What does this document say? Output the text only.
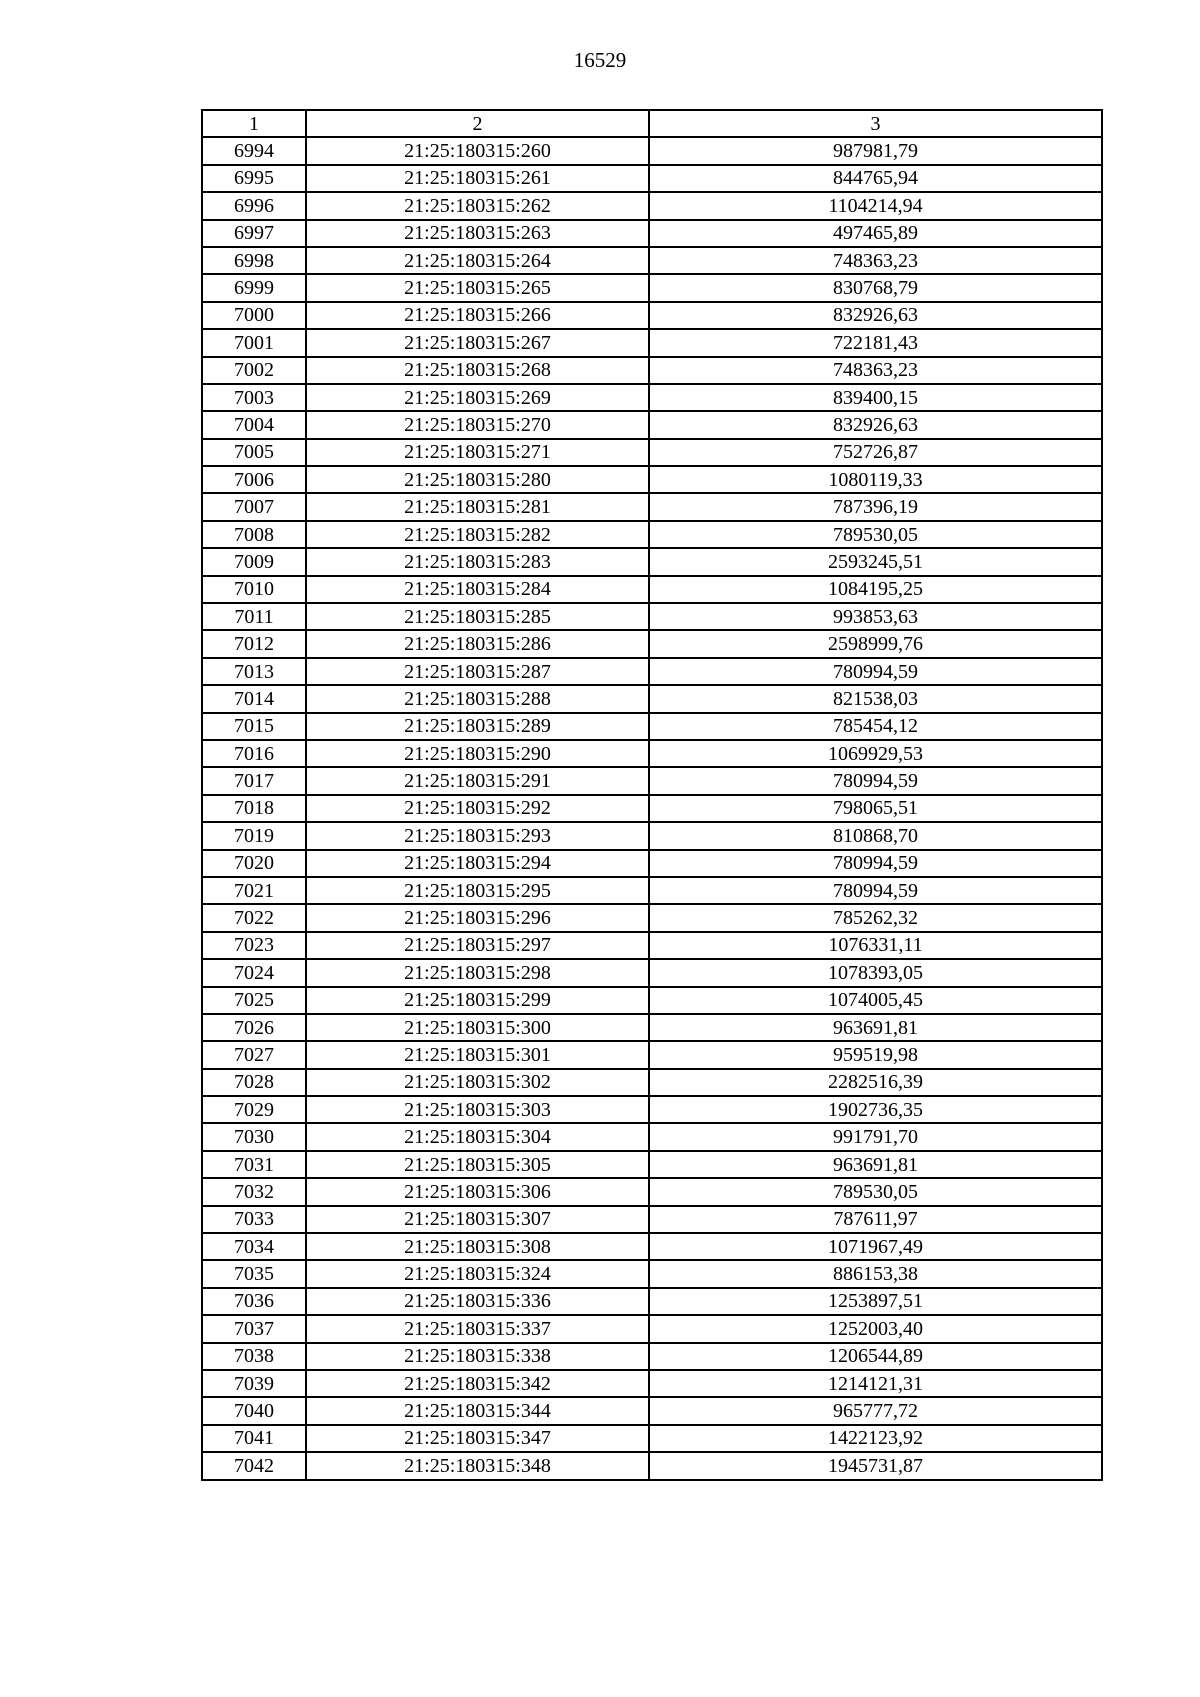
16529
1	2	3
6994	21:25:180315:260	987981,79
6995	21:25:180315:261	844765,94
6996	21:25:180315:262	1104214,94
6997	21:25:180315:263	497465,89
6998	21:25:180315:264	748363,23
6999	21:25:180315:265	830768,79
7000	21:25:180315:266	832926,63
7001	21:25:180315:267	722181,43
7002	21:25:180315:268	748363,23
7003	21:25:180315:269	839400,15
7004	21:25:180315:270	832926,63
7005	21:25:180315:271	752726,87
7006	21:25:180315:280	1080119,33
7007	21:25:180315:281	787396,19
7008	21:25:180315:282	789530,05
7009	21:25:180315:283	2593245,51
7010	21:25:180315:284	1084195,25
7011	21:25:180315:285	993853,63
7012	21:25:180315:286	2598999,76
7013	21:25:180315:287	780994,59
7014	21:25:180315:288	821538,03
7015	21:25:180315:289	785454,12
7016	21:25:180315:290	1069929,53
7017	21:25:180315:291	780994,59
7018	21:25:180315:292	798065,51
7019	21:25:180315:293	810868,70
7020	21:25:180315:294	780994,59
7021	21:25:180315:295	780994,59
7022	21:25:180315:296	785262,32
7023	21:25:180315:297	1076331,11
7024	21:25:180315:298	1078393,05
7025	21:25:180315:299	1074005,45
7026	21:25:180315:300	963691,81
7027	21:25:180315:301	959519,98
7028	21:25:180315:302	2282516,39
7029	21:25:180315:303	1902736,35
7030	21:25:180315:304	991791,70
7031	21:25:180315:305	963691,81
7032	21:25:180315:306	789530,05
7033	21:25:180315:307	787611,97
7034	21:25:180315:308	1071967,49
7035	21:25:180315:324	886153,38
7036	21:25:180315:336	1253897,51
7037	21:25:180315:337	1252003,40
7038	21:25:180315:338	1206544,89
7039	21:25:180315:342	1214121,31
7040	21:25:180315:344	965777,72
7041	21:25:180315:347	1422123,92
7042	21:25:180315:348	1945731,87
